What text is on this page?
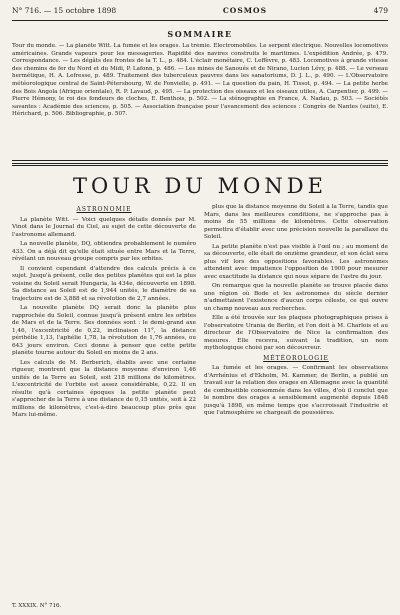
N° 716. — 15 octobre 1898	COSMOS	479
SOMMAIRE

Tour du monde. — La planète Witt. La fumée et les orages. La trémie. Électromobiles. Le serpent électrique. Nouvelles locomotives américaines. Grands vapeurs pour les messageries. Rapidité des navires construits le maritimes. L'expédition Andrée, p. 479. Correspondance. — Les dégâts des frontes de la T. L., p. 484. L'éclair monétaire, C. Leffèvre, p. 483. Locomotives à grande vitesse des chemins de fer du Nord et du Midi, P. Lafonn, p. 486. — Les mines de Sanoués et de Nirano, Lucien Lévy, p. 488. — Le verseau hermétique, H. A. Lefresse, p. 489. Traitement des tuberculeux pauvres dans les sanatoriums, D. J. L., p. 490. — L'Observatoire météorologique central de Saint-Pétersbourg, W. de Fonvielle, p. 491. — La question du pain, H. Tissot, p. 494. — La petite herbe des Bois Angola (Afrique orientale), R. P. Lavaud, p. 495. — La protection des oiseaux et les oiseaux utiles, A. Carpentier, p. 499. — Pierre Hémony, le roi des fondeurs de cloches, E. Benthois, p. 502. — La sténographie en France, A. Nadau, p. 503. — Sociétés savantes : Académie des sciences, p. 505. — Association française pour l'avancement des sciences : Congrès de Nantes (suite), E. Hérichard, p. 506. Bibliographie, p. 507.

TOUR DU MONDE

ASTRONOMIE

La planète Witt. — Voici quelques détails donnés par M. Vinot dans le Journal du Ciel, au sujet de cette découverte de l'astronome allemand.

La nouvelle planète, DQ, obtiendra probablement le numéro 433. On a déjà dit qu'elle était située entre Mars et la Terre, révélant un nouveau groupe compris par les orbites.

Il convient cependant d'attendre des calculs précis à ce sujet. Jusqu'à présent, celle des petites planètes qui est la plus voisine du Soleil serait Hungaria, la 434e, découverte en 1898. Sa distance au Soleil est de 1,944 unités, le diamètre de sa trajectoire est de 3,888 et sa révolution de 2,7 années.

La nouvelle planète DQ serait donc la planète plus rapprochée du Soleil, connue jusqu'à présent entre les orbites de Mars et de la Terre. Ses données sont : le demi-grand axe 1,46, l'excentricité de 0,22, inclinaison 11°, la distance périhélie 1,13, l'aphélie 1,78, la révolution de 1,76 années, ou 643 jours environ. Ceci donne à penser que cette petite planète tourne autour du Soleil en moins de 2 ans.

Les calculs de M. Berberich, établis avec une certaine rigueur, montrent que la distance moyenne d'environ 1,46 unités de la Terre au Soleil, soit 218 millions de kilomètres. L'excentricité de l'orbite est assez considérable, 0,22. Il en résulte qu'à certaines époques la petite planète peut s'approcher de la Terre à une distance de 0,15 unités, soit à 22 millions de kilomètres, c'est-à-dire beaucoup plus près que Mars lui-même.

plus que la distance moyenne du Soleil à la Terre, tandis que Mars, dans les meilleures conditions, ne s'approche pas à moins de 55 millions de kilomètres. Cette observation permettra d'établir avec une précision nouvelle la parallaxe du Soleil.

La petite planète n'est pas visible à l'œil nu ; au moment de sa découverte, elle était de onzième grandeur, et son éclat sera plus vif lors des oppositions favorables. Les astronomes attendent avec impatience l'opposition de 1900 pour mesurer avec exactitude la distance qui nous sépare de l'astre du jour.

On remarque que la nouvelle planète se trouve placée dans une région où Bode et les astronomes du siècle dernier n'admettaient l'existence d'aucun corps céleste, ce qui ouvre un champ nouveau aux recherches.

Elle a été trouvée sur les plaques photographiques prises à l'observatoire Urania de Berlin, et l'on doit à M. Charlois et au directeur de l'Observatoire de Nice la confirmation des mesures. Elle recevra, suivant la tradition, un nom mythologique choisi par son découvreur.

MÉTÉOROLOGIE

La fumée et les orages. — Confirmant les observations d'Arrhénius et d'Ekholm, M. Kammer, de Berlin, a publié un travail sur la relation des orages en Allemagne avec la quantité de combustible consommée dans les villes, d'où il conclut que le nombre des orages a sensiblement augmenté depuis 1848 jusqu'à 1898, en même temps que s'accroissait l'industrie et que l'atmosphère se chargeait de poussières.

T. XXXIX. N° 716.
